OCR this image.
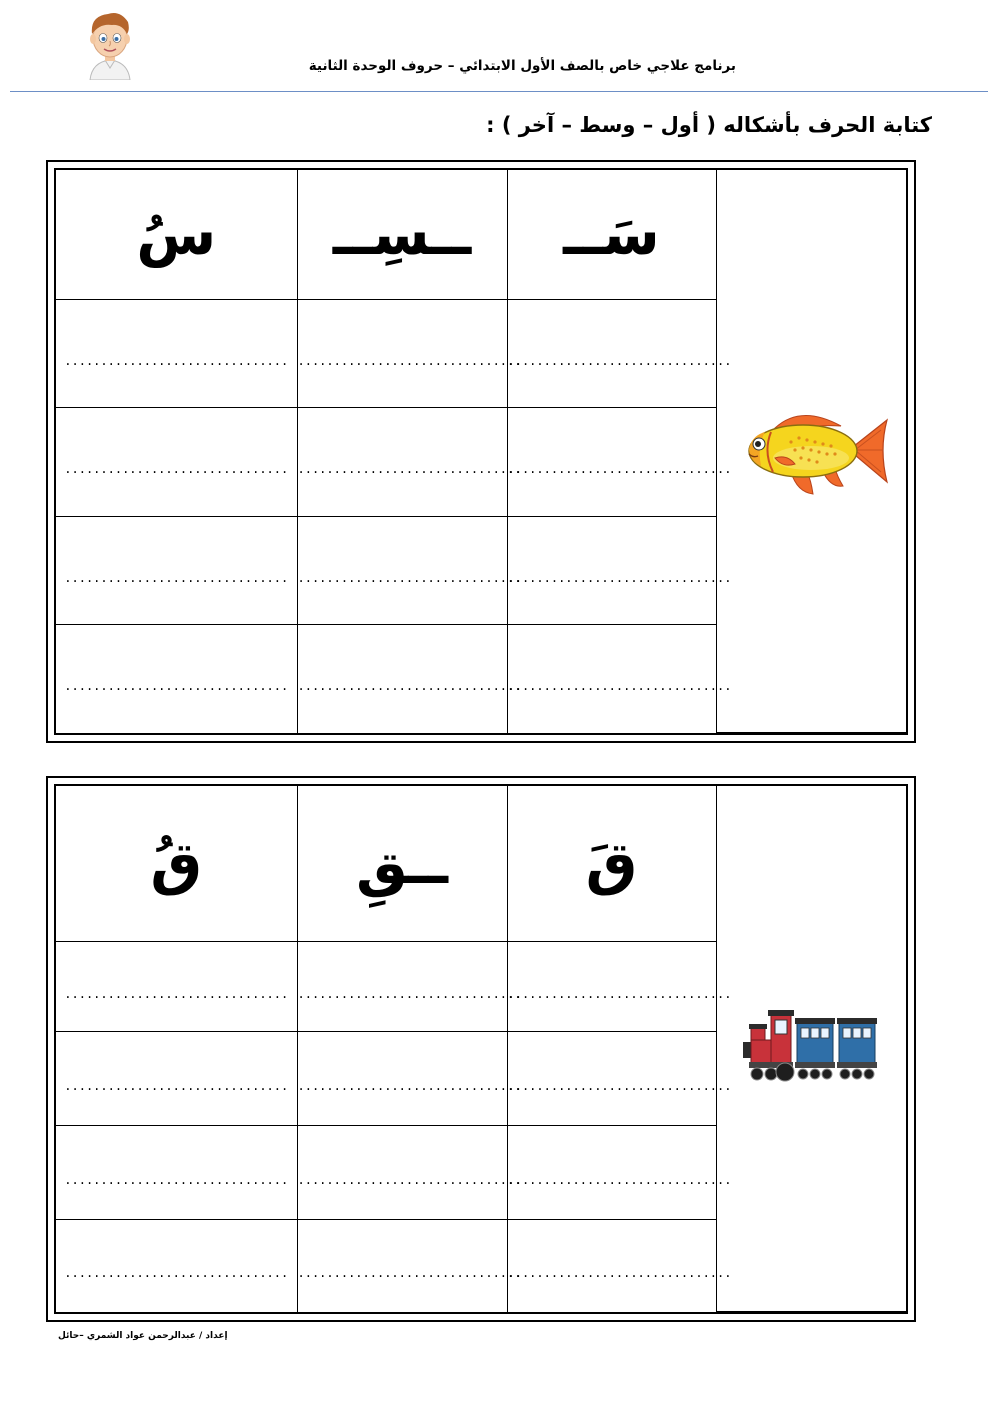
برنامج علاجي خاص بالصف الأول الابتدائي – حروف الوحدة الثانية
كتابة الحرف بأشكاله ( أول – وسط – آخر ) :
سُ	ــسِــ	سَــ	

...............................	...............................	...............................	
...............................	...............................	...............................	
...............................	...............................	...............................	
...............................	...............................	...............................	
قُ	ــقِ	قَ	

...............................	...............................	...............................	
...............................	...............................	...............................	
...............................	...............................	...............................	
...............................	...............................	...............................	
إعداد / عبدالرحمن عواد الشمري –حائل
